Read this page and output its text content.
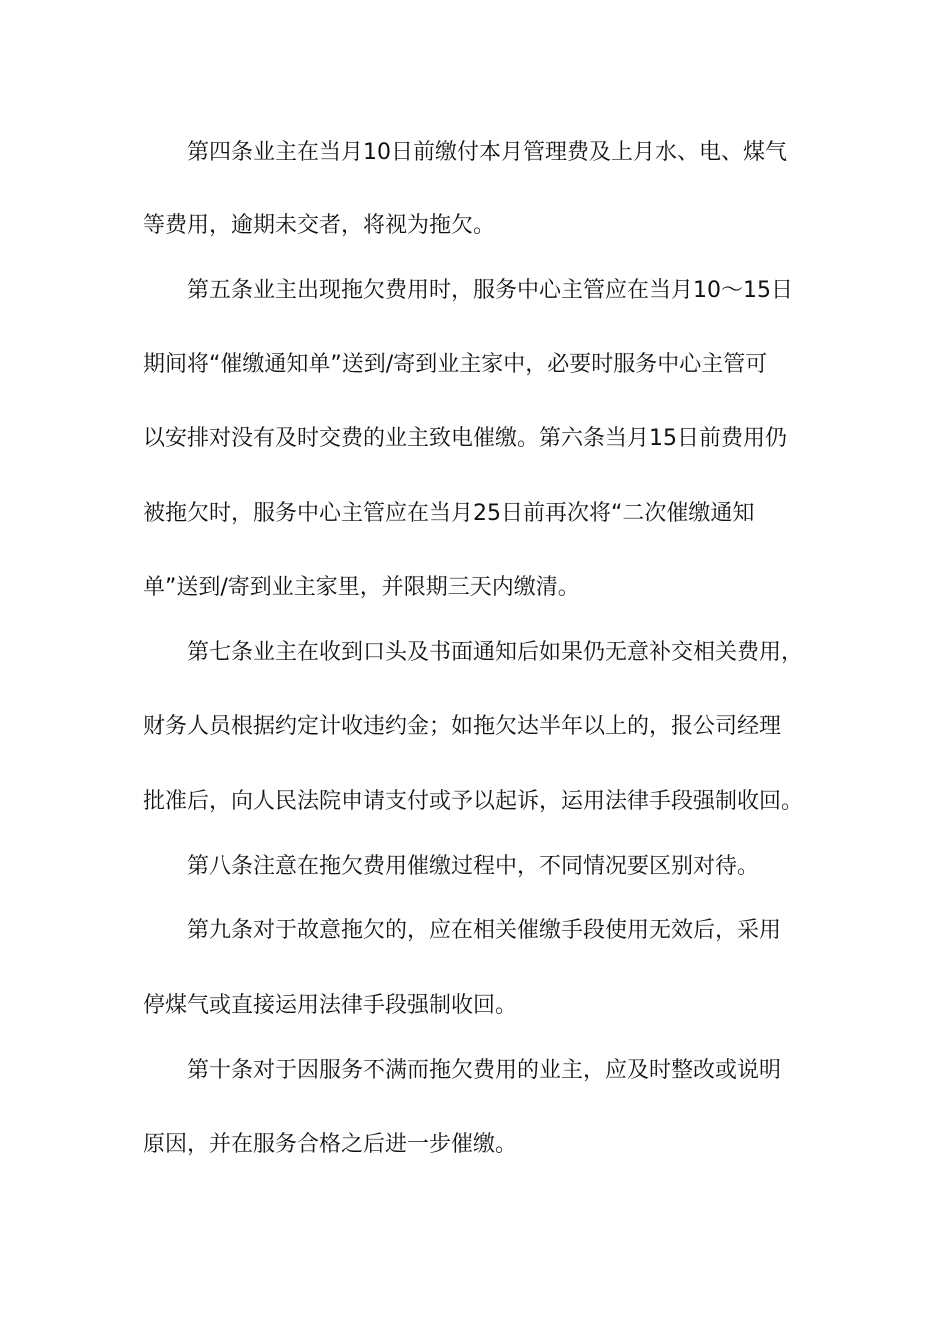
第四条业主在当月10日前缴付本月管理费及上月水、电、煤气
等费用，逾期未交者，将视为拖欠。
第五条业主出现拖欠费用时，服务中心主管应在当月10～15日
期间将“催缴通知单”送到/寄到业主家中，必要时服务中心主管可
以安排对没有及时交费的业主致电催缴。第六条当月15日前费用仍
被拖欠时，服务中心主管应在当月25日前再次将“二次催缴通知
单”送到/寄到业主家里，并限期三天内缴清。
第七条业主在收到口头及书面通知后如果仍无意补交相关费用，
财务人员根据约定计收违约金；如拖欠达半年以上的，报公司经理
批准后，向人民法院申请支付或予以起诉，运用法律手段强制收回。
第八条注意在拖欠费用催缴过程中，不同情况要区别对待。
第九条对于故意拖欠的，应在相关催缴手段使用无效后，采用
停煤气或直接运用法律手段强制收回。
第十条对于因服务不满而拖欠费用的业主，应及时整改或说明
原因，并在服务合格之后进一步催缴。
